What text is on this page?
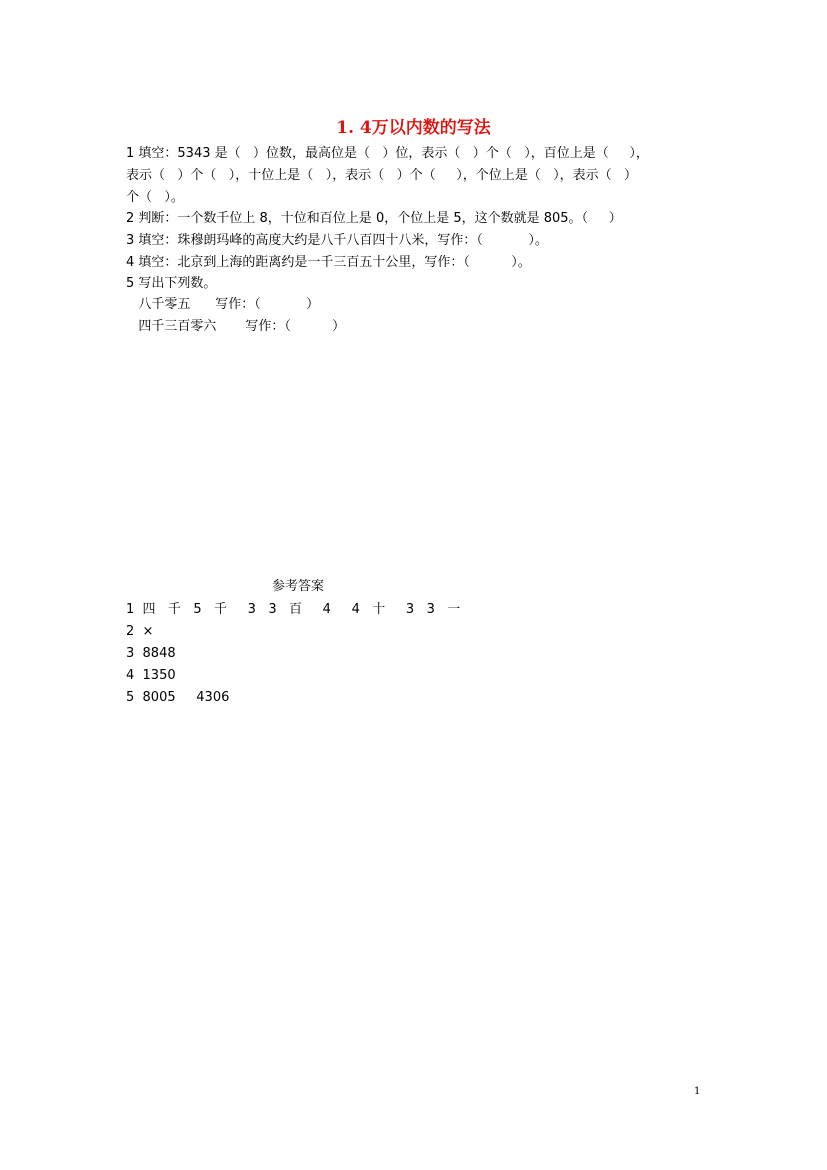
1. 4万以内数的写法
1 填空：5343 是（   ）位数，最高位是（   ）位，表示（   ）个（   ），百位上是（     ），
表示（   ）个（   ），十位上是（   ），表示（   ）个（     ），个位上是（   ），表示（   ）
个（   ）。
2 判断：一个数千位上 8，十位和百位上是 0，个位上是 5，这个数就是 805。（     ）
3 填空：珠穆朗玛峰的高度大约是八千八百四十八米，写作：（           ）。
4 填空：北京到上海的距离约是一千三百五十公里，写作：（          ）。
5 写出下列数。
八千零五      写作：（           ）
四千三百零六       写作：（          ）
参考答案
1  四   千   5   千     3   3   百     4     4   十     3   3   一
2  ×
3  8848
4  1350
5  8005     4306
1
